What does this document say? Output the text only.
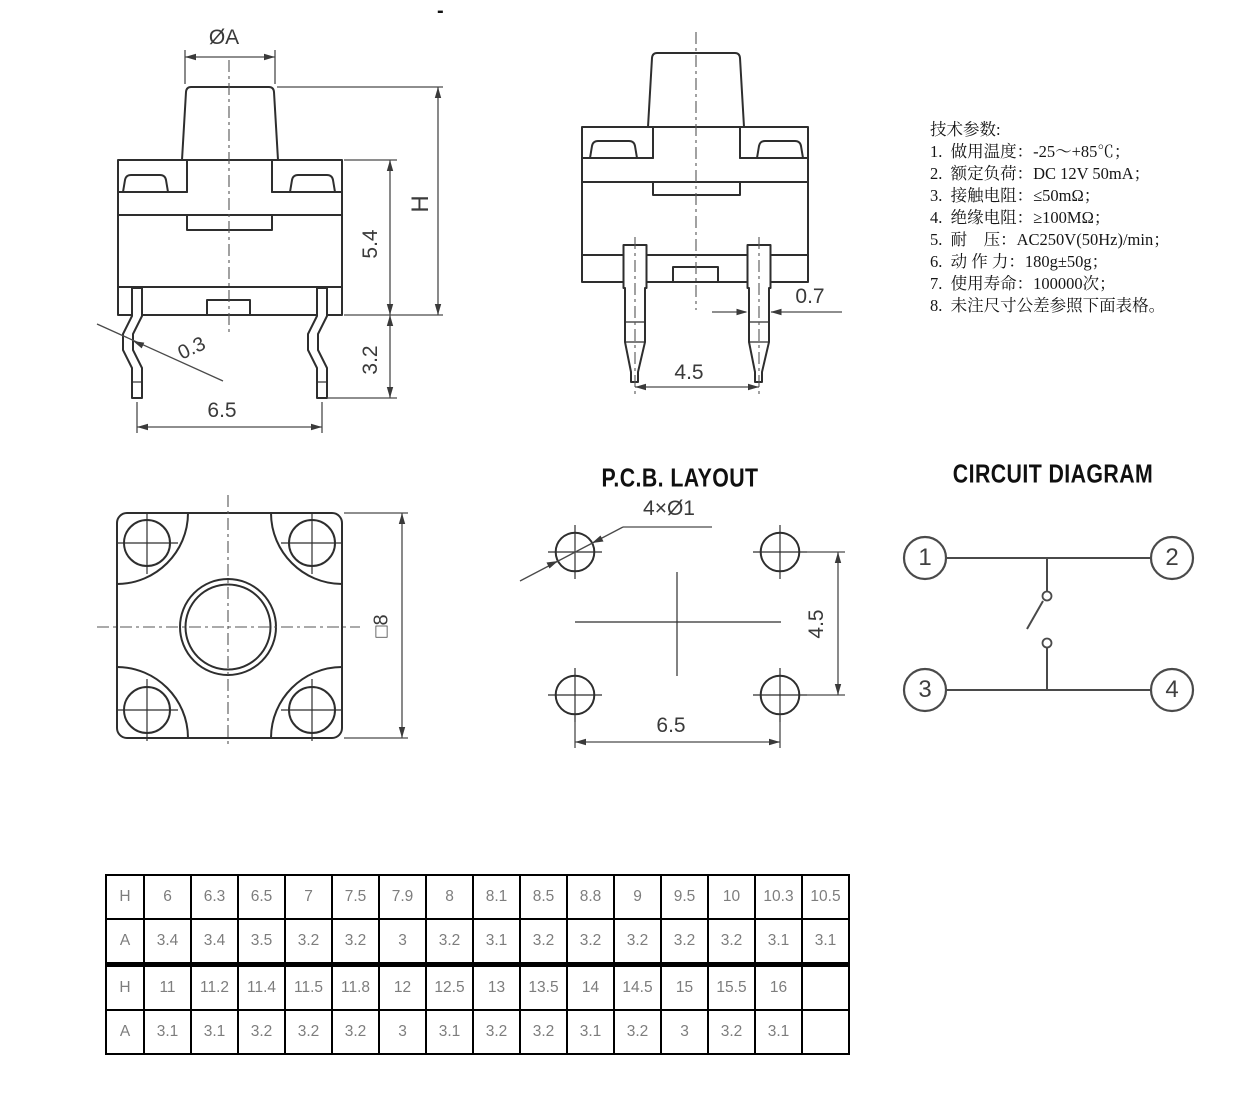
-
ØA
H
5.4
3.2
0.3
6.5
0.7
4.5
□8
P.C.B. LAYOUT
4×Ø1
4.5
6.5
CIRCUIT DIAGRAM
1	2
3	4
技术参数:
1.  做用温度：-25～+85℃；
2.  额定负荷：DC 12V 50mA；
3.  接触电阻：≤50mΩ；
4.  绝缘电阻：≥100MΩ；
5.  耐    压：AC250V(50Hz)/min；
6.  动 作 力：180g±50g；
7.  使用寿命：100000次；
8.  未注尺寸公差参照下面表格。
H	6	6.3	6.5	7	7.5	7.9	8	8.1	8.5	8.8	9	9.5	10	10.3	10.5
A	3.4	3.4	3.5	3.2	3.2	3	3.2	3.1	3.2	3.2	3.2	3.2	3.2	3.1	3.1
H	11	11.2	11.4	11.5	11.8	12	12.5	13	13.5	14	14.5	15	15.5	16	
A	3.1	3.1	3.2	3.2	3.2	3	3.1	3.2	3.2	3.1	3.2	3	3.2	3.1	
